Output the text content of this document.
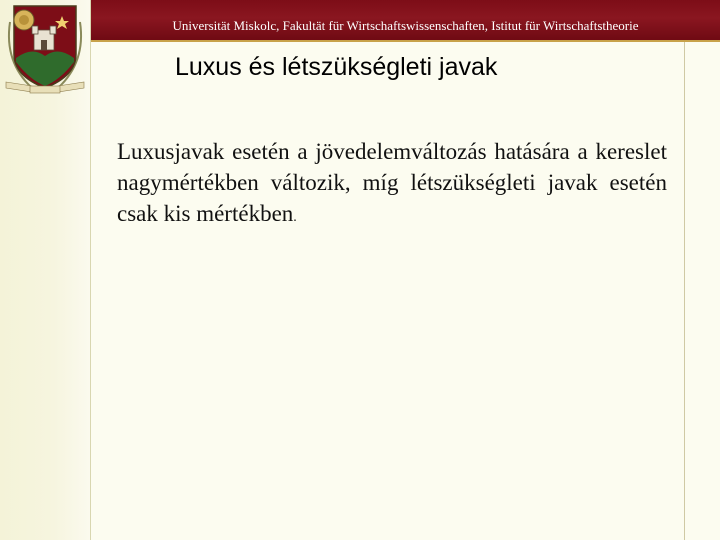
Universität Miskolc, Fakultät für Wirtschaftswissenschaften, Istitut für Wirtschaftstheorie
Luxus és létszükségleti javak
Luxusjavak esetén a jövedelemváltozás hatására a kereslet nagymértékben változik, míg létszükségleti javak esetén csak kis mértékben.
